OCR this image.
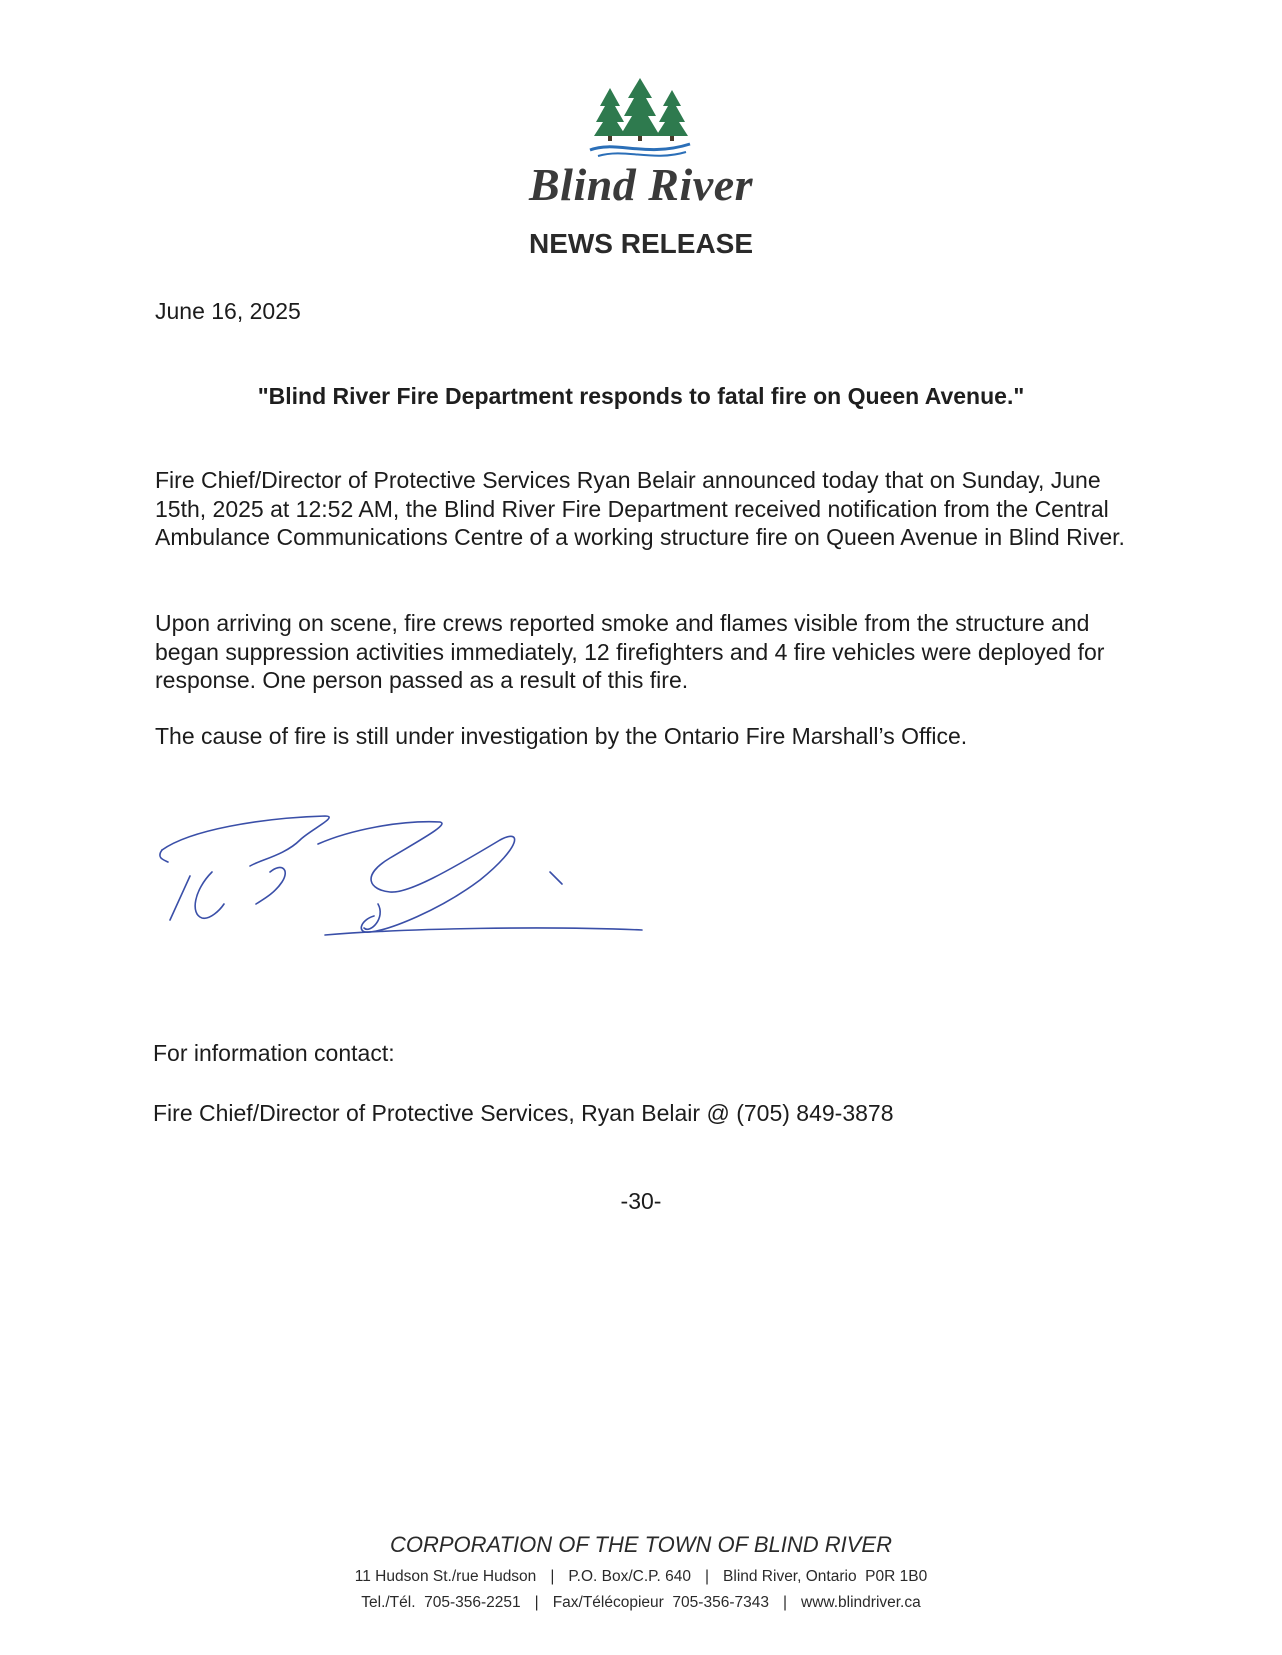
Blind River
NEWS RELEASE
June 16, 2025
"Blind River Fire Department responds to fatal fire on Queen Avenue."

Fire Chief/Director of Protective Services Ryan Belair announced today that on Sunday, June 15th, 2025 at 12:52 AM, the Blind River Fire Department received notification from the Central Ambulance Communications Centre of a working structure fire on Queen Avenue in Blind River.

Upon arriving on scene, fire crews reported smoke and flames visible from the structure and began suppression activities immediately, 12 firefighters and 4 fire vehicles were deployed for response. One person passed as a result of this fire.

The cause of fire is still under investigation by the Ontario Fire Marshall’s Office.

For information contact:
Fire Chief/Director of Protective Services, Ryan Belair @ (705) 849-3878
-30-
CORPORATION OF THE TOWN OF BLIND RIVER
11 Hudson St./rue Hudson | P.O. Box/C.P. 640 | Blind River, Ontario  P0R 1B0
Tel./Tél.  705-356-2251 | Fax/Télécopieur  705-356-7343 | www.blindriver.ca
